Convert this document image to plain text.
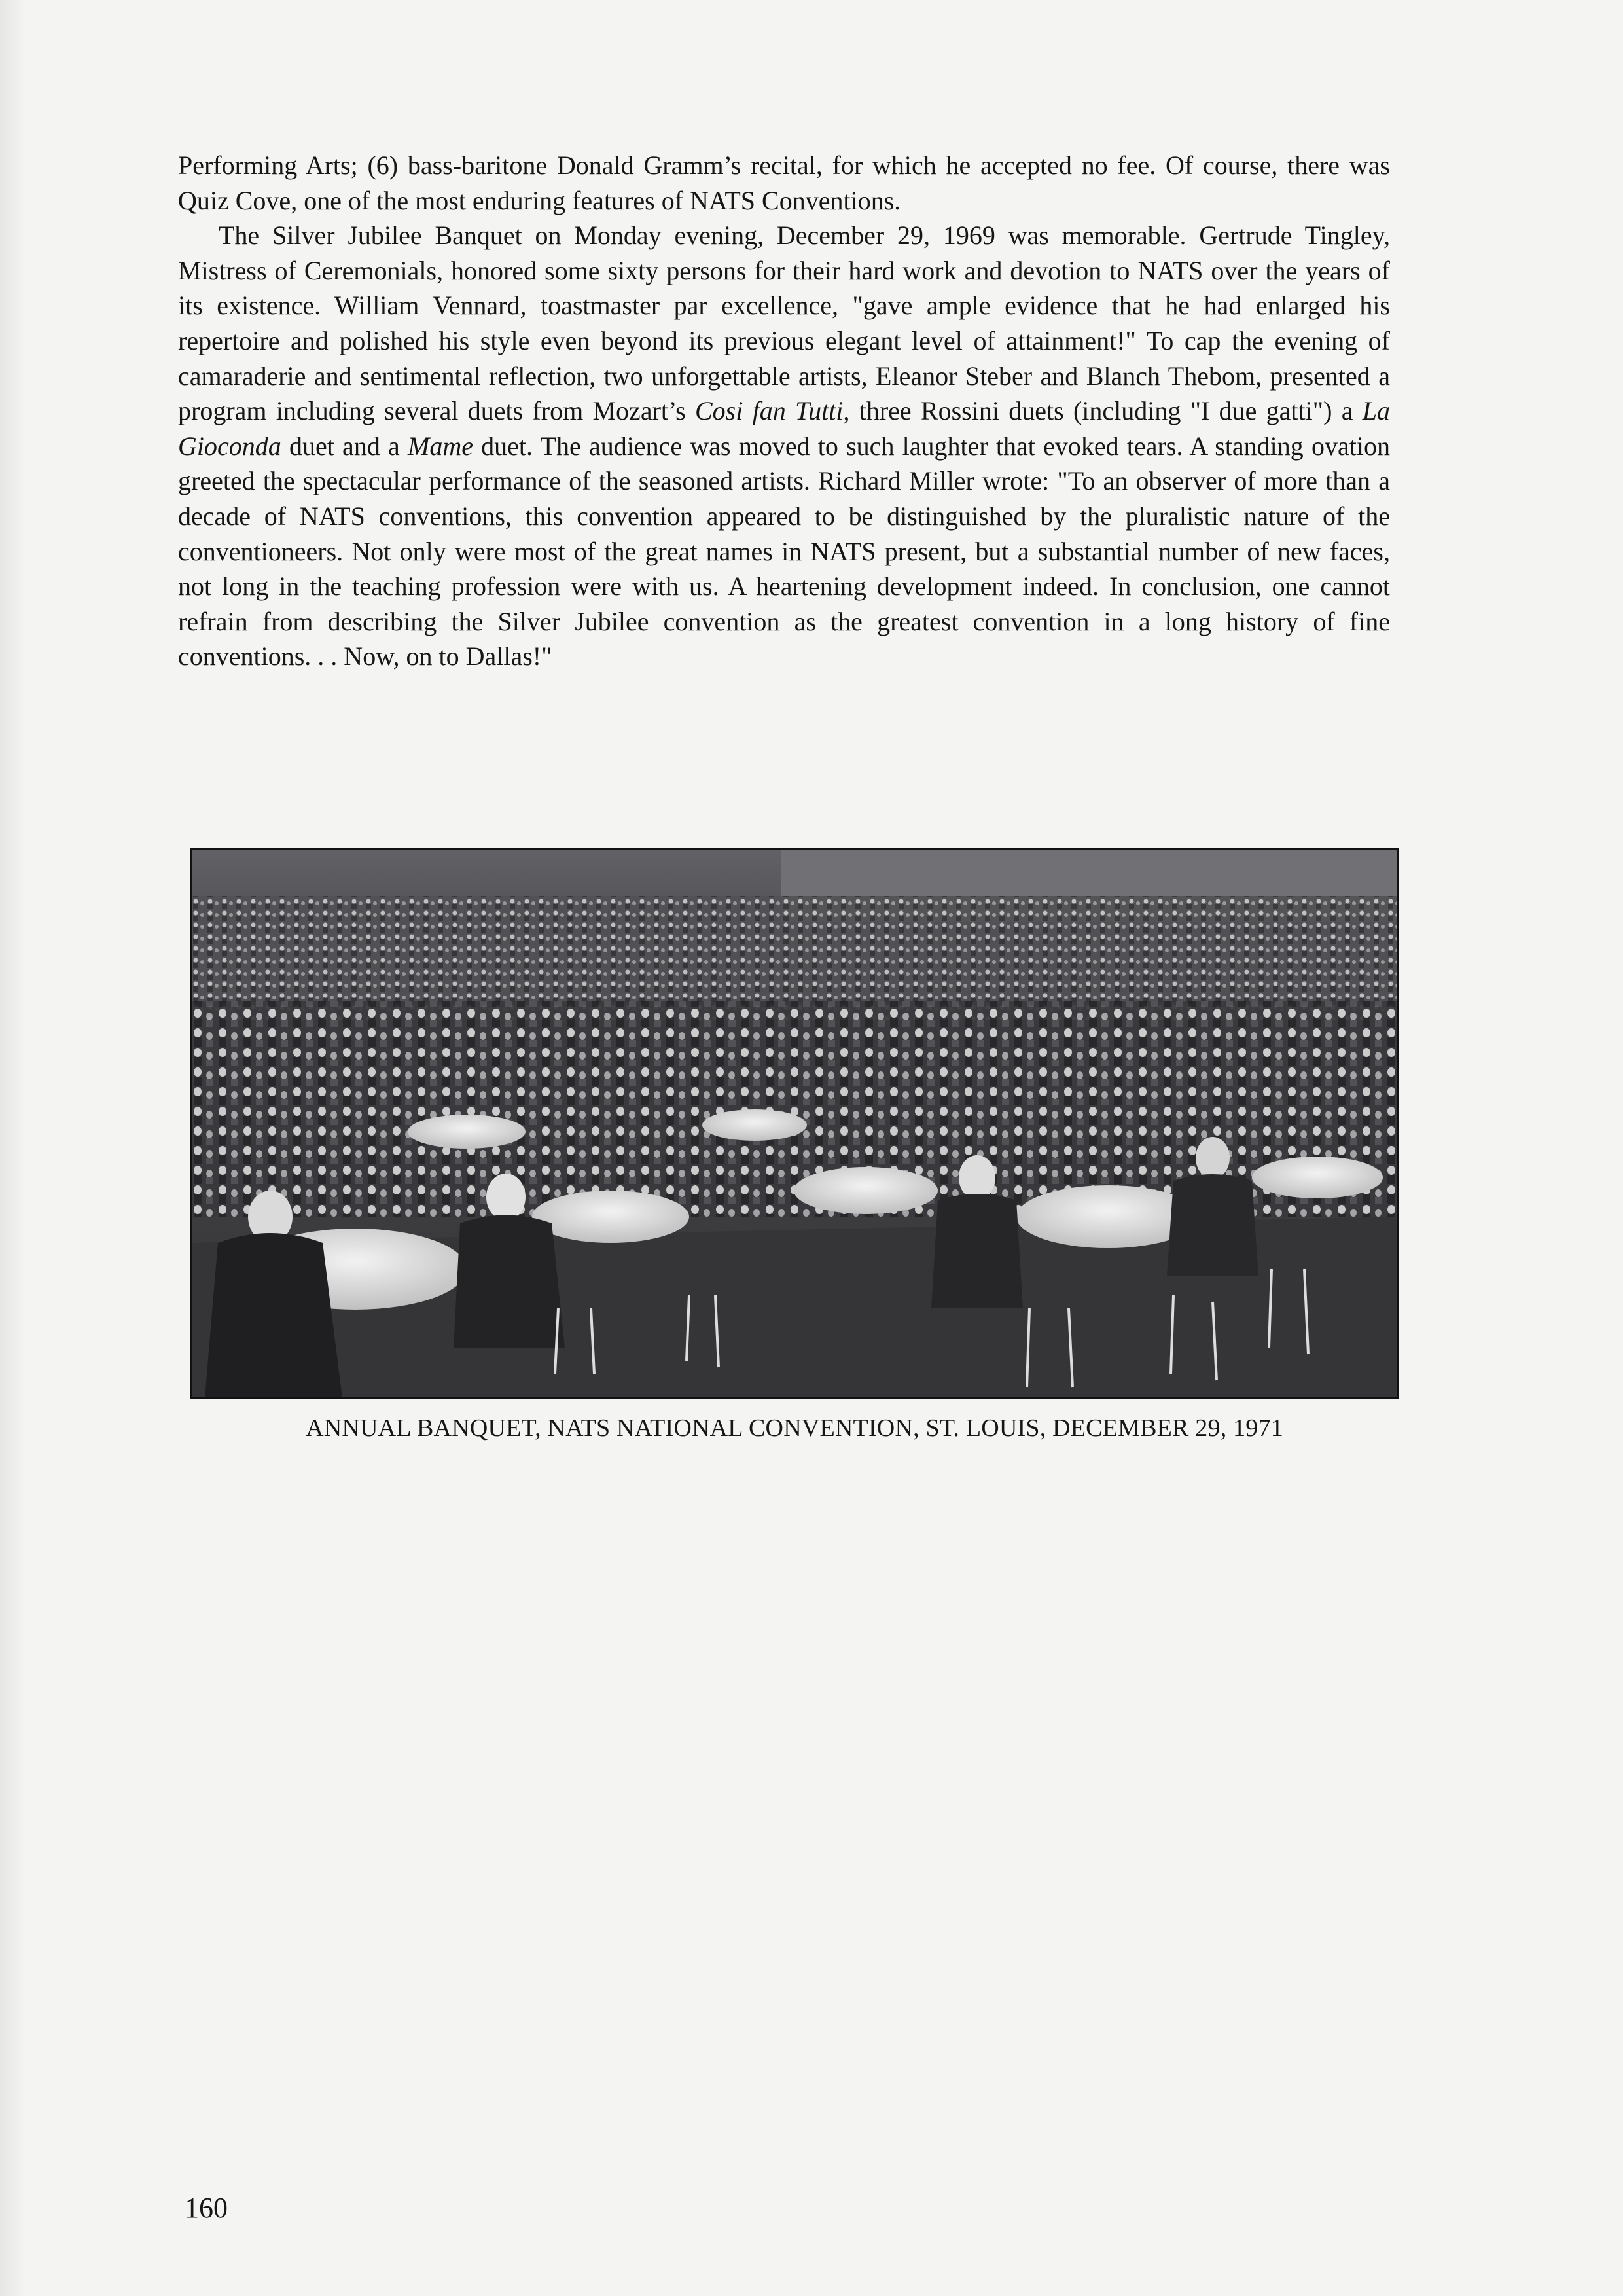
Performing Arts; (6) bass-baritone Donald Gramm’s recital, for which he accepted no fee. Of course, there was Quiz Cove, one of the most enduring features of NATS Conventions.

The Silver Jubilee Banquet on Monday evening, December 29, 1969 was memorable. Gertrude Tingley, Mistress of Ceremonials, honored some sixty persons for their hard work and devotion to NATS over the years of its existence. William Vennard, toastmaster par excellence, "gave ample evidence that he had enlarged his repertoire and polished his style even beyond its previous elegant level of attainment!" To cap the evening of camaraderie and sentimental reflection, two unforgettable artists, Eleanor Steber and Blanch Thebom, presented a program including several duets from Mozart’s Cosi fan Tutti, three Rossini duets (including "I due gatti") a La Gioconda duet and a Mame duet. The audience was moved to such laughter that evoked tears. A standing ovation greeted the spectacular performance of the seasoned artists. Richard Miller wrote: "To an observer of more than a decade of NATS conventions, this convention appeared to be distinguished by the pluralistic nature of the conventioneers. Not only were most of the great names in NATS present, but a substantial number of new faces, not long in the teaching profession were with us. A heartening development indeed. In conclusion, one cannot refrain from describing the Silver Jubilee convention as the greatest convention in a long history of fine conventions. . . Now, on to Dallas!"

ANNUAL BANQUET, NATS NATIONAL CONVENTION, ST. LOUIS, DECEMBER 29, 1971
160
